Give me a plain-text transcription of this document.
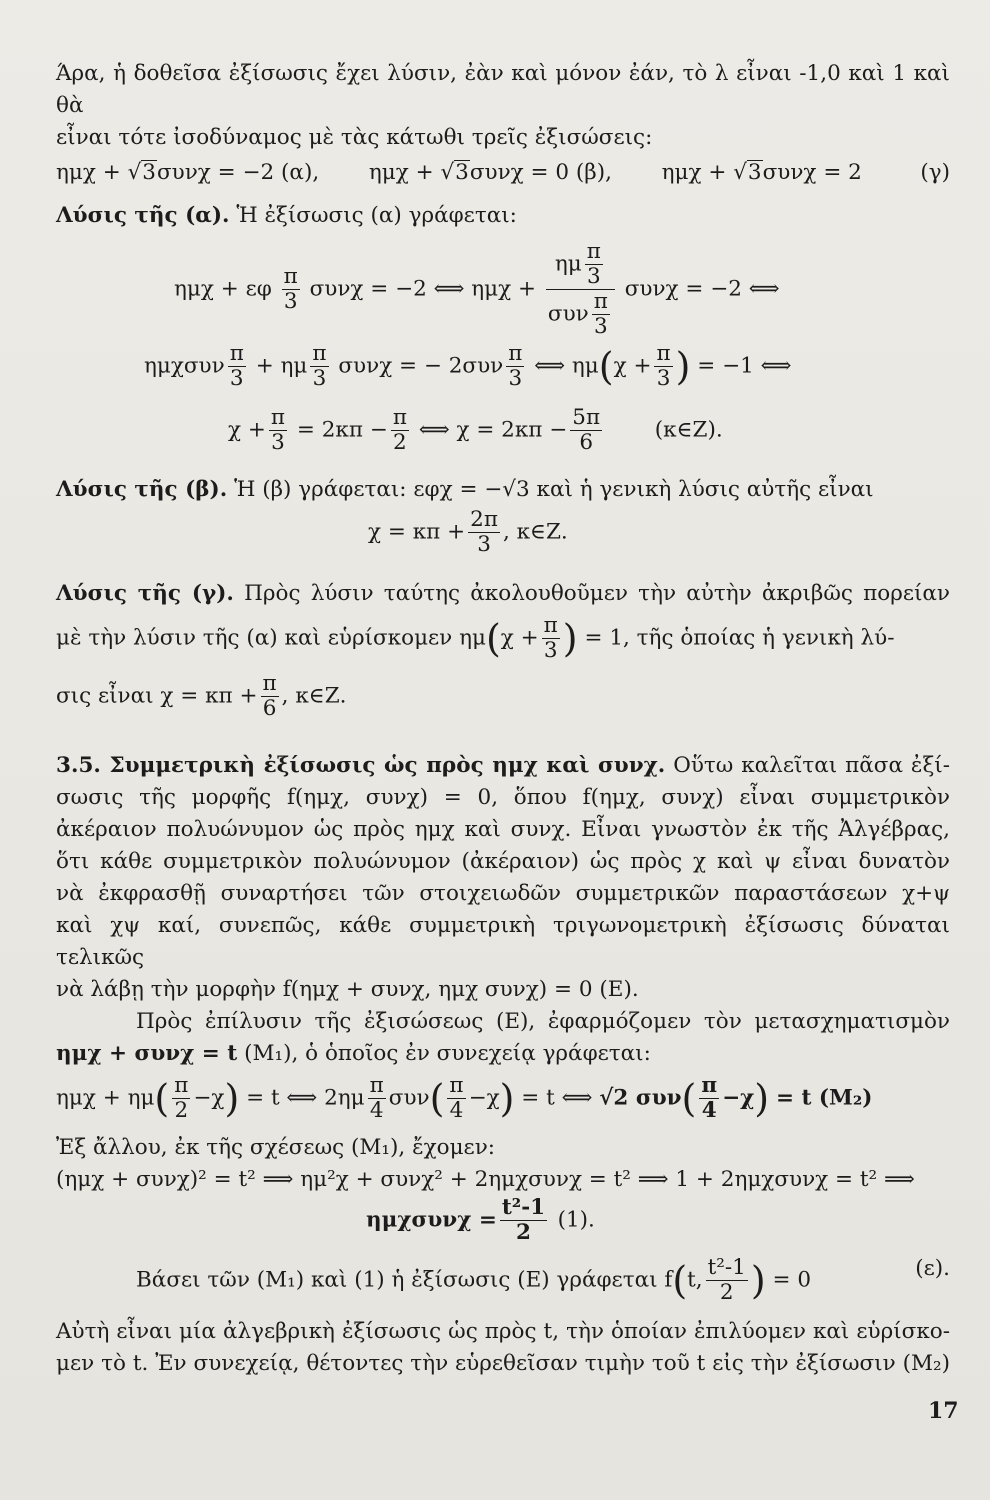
Άρα, ἡ δοθεῖσα ἐξίσωσις ἔχει λύσιν, ἐὰν καὶ μόνον ἐάν, τὸ λ εἶναι -1,0 καὶ 1 καὶ θὰ
εἶναι τότε ἰσοδύναμος μὲ τὰς κάτωθι τρεῖς ἐξισώσεις:
ημχ + √3συνχ = −2 (α), ημχ + √3συνχ = 0 (β), ημχ + √3συνχ = 2	(γ)
Λύσις τῆς (α). Ἡ ἐξίσωσις (α) γράφεται:
ημχ + εφ $\frac{\pi}{3}$ συνχ = −2 ⟺ $\eta\mu\chi + \frac{\eta\mu \frac{\pi}{3}}{\sigma\upsilon\nu \frac{\pi}{3}}$ συνχ = −2 ⟺
ημχσυν $\frac{\pi}{3} + \eta\mu \frac{\pi}{3}$ συνχ = − $2\sigma\upsilon\nu \frac{\pi}{3}$ ⟺ $\eta\mu(\chi + \frac{\pi}{3}$ ) = −1 ⟺
$\chi + \frac{\pi}{3} = 2\kappa\pi - \frac{\pi}{2}$ ⟺ $\chi = 2\kappa\pi - \frac{5\pi}{6}$ (κ∈Ζ).
Λύσις τῆς (β). Ἡ (β) γράφεται: εφχ = −√3 καὶ ἡ γενικὴ λύσις αὐτῆς εἶναι
$\chi = \kappa\pi + \frac{2\pi}{3}$ , κ∈Ζ.
Λύσις τῆς (γ). Πρὸς λύσιν ταύτης ἀκολουθοῦμεν τὴν αὐτὴν ἀκριβῶς πορείαν
μὲ τὴν λύσιν τῆς (α) καὶ εὑρίσκομεν $\eta\mu(\chi + \frac{\pi}{3}$ ) = 1, τῆς ὁποίας ἡ γενικὴ λύ-
σις εἶναι $\chi = \kappa\pi + \frac{\pi}{6}$ , κ∈Ζ.
3.5. Συμμετρικὴ ἐξίσωσις ὡς πρὸς ημχ καὶ συνχ. Οὕτω καλεῖται πᾶσα ἐξί-
σωσις τῆς μορφῆς f(ημχ, συνχ) = 0, ὅπου f(ημχ, συνχ) εἶναι συμμετρικὸν
ἀκέραιον πολυώνυμον ὡς πρὸς ημχ καὶ συνχ. Εἶναι γνωστὸν ἐκ τῆς Ἀλγέβρας,
ὅτι κάθε συμμετρικὸν πολυώνυμον (ἀκέραιον) ὡς πρὸς χ καὶ ψ εἶναι δυνατὸν
νὰ ἐκφρασθῇ συναρτήσει τῶν στοιχειωδῶν συμμετρικῶν παραστάσεων χ+ψ
καὶ χψ καί, συνεπῶς, κάθε συμμετρικὴ τριγωνομετρικὴ ἐξίσωσις δύναται τελικῶς
νὰ λάβῃ τὴν μορφὴν f(ημχ + συνχ, ημχ συνχ) = 0 (Ε).
Πρὸς ἐπίλυσιν τῆς ἐξισώσεως (Ε), ἐφαρμόζομεν τὸν μετασχηματισμὸν
ημχ + συνχ = t (Μ₁), ὁ ὁποῖος ἐν συνεχείᾳ γράφεται:
$\eta\mu\chi + \eta\mu( \frac{\pi}{2} -\chi) = t$ ⟺ $2\eta\mu \frac{\pi}{4} \sigma\upsilon\nu( \frac{\pi}{4} -\chi) = t$ ⟺ √2 $\sigma\upsilon\nu( \frac{\pi}{4} -\chi) = t$ (Μ₂)
Ἐξ ἄλλου, ἐκ τῆς σχέσεως (Μ₁), ἔχομεν:
(ημχ + συνχ)² = t² ⟹ ημ²χ + συνχ² + 2ημχσυνχ = t² ⟹ 1 + 2ημχσυνχ = t² ⟹
$\eta\mu\chi\sigma\upsilon\nu\chi = \frac{\text{t²-1}}{2} (1)$.
Βάσει τῶν (Μ₁) καὶ (1) ἡ ἐξίσωσις (Ε) γράφεται f(t, $\frac{\text{t²-1}}{2}$ ) = 0	(ε).
Αὐτὴ εἶναι μία ἀλγεβρικὴ ἐξίσωσις ὡς πρὸς t, τὴν ὁποίαν ἐπιλύομεν καὶ εὑρίσκο-
μεν τὸ t. Ἐν συνεχείᾳ, θέτοντες τὴν εὑρεθεῖσαν τιμὴν τοῦ t εἰς τὴν ἐξίσωσιν (Μ₂)
17
